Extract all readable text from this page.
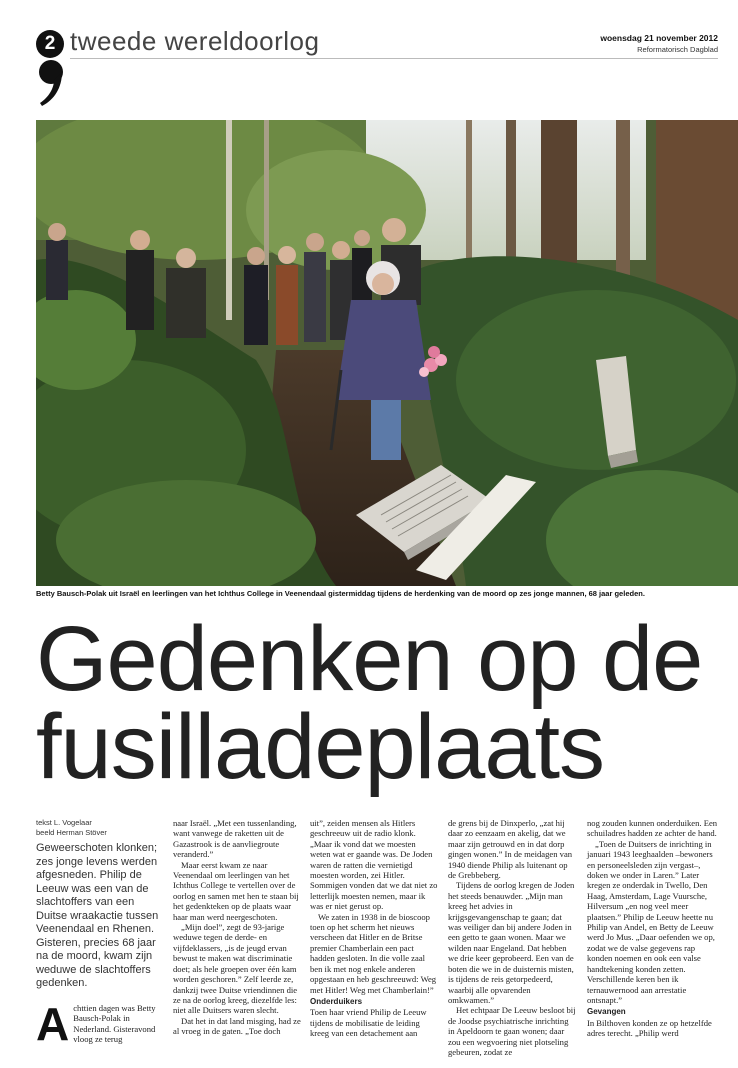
2 tweede wereldoorlog	woensdag 21 november 2012
Reformatorisch Dagblad
Betty Bausch-Polak uit Israël en leerlingen van het Ichthus College in Veenendaal gistermiddag tijdens de herdenking van de moord op zes jonge mannen, 68 jaar geleden.
Gedenken op de
fusilladeplaats
tekst L. Vogelaar
beeld Herman Stöver
Geweerschoten klonken; zes jonge levens werden afgesneden. Philip de Leeuw was een van de slachtoffers van een Duitse wraakactie tussen Veenendaal en Rhenen. Gisteren, precies 68 jaar na de moord, kwam zijn weduwe de slachtoffers gedenken.
A chttien dagen was Betty Bausch-Polak in Nederland. Gisteravond vloog ze terug

naar Israël. „Met een tussenlanding, want vanwege de raketten uit de Gazastrook is de aanvliegroute veranderd.”

Maar eerst kwam ze naar Veenendaal om leerlingen van het Ichthus College te vertellen over de oorlog en samen met hen te staan bij het gedenkteken op de plaats waar haar man werd neergeschoten.

„Mijn doel”, zegt de 93-jarige weduwe tegen de derde- en vijfdeklassers, „is de jeugd ervan bewust te maken wat discriminatie doet; als hele groepen over één kam worden geschoren.” Zelf leerde ze, dankzij twee Duitse vriendinnen die ze na de oorlog kreeg, diezelfde les: niet alle Duitsers waren slecht.

Dat het in dat land misging, had ze al vroeg in de gaten. „Toe doch

uit”, zeiden mensen als Hitlers geschreeuw uit de radio klonk. „Maar ik vond dat we moesten weten wat er gaande was. De Joden waren de ratten die vernietigd moesten worden, zei Hitler. Sommigen vonden dat we dat niet zo letterlijk moesten nemen, maar ik was er niet gerust op.

We zaten in 1938 in de bioscoop toen op het scherm het nieuws verscheen dat Hitler en de Britse premier Chamberlain een pact hadden gesloten. In die volle zaal ben ik met nog enkele anderen opgestaan en heb geschreeuwd: Weg met Hitler! Weg met Chamberlain!”

Onderduikers

Toen haar vriend Philip de Leeuw tijdens de mobilisatie de leiding kreeg van een detachement aan

de grens bij de Dinxperlo, „zat hij daar zo eenzaam en akelig, dat we maar zijn getrouwd en in dat dorp gingen wonen.” In de meidagen van 1940 diende Philip als luitenant op de Grebbeberg.

Tijdens de oorlog kregen de Joden het steeds benauwder. „Mijn man kreeg het advies in krijgsgevangenschap te gaan; dat was veiliger dan bij andere Joden in een getto te gaan wonen. Maar we wilden naar Engeland. Dat hebben we drie keer geprobeerd. Een van de boten die we in de duisternis misten, is tijdens de reis getorpedeerd, waarbij alle opvarenden omkwamen.”

Het echtpaar De Leeuw besloot bij de Joodse psychiatrische inrichting in Apeldoorn te gaan wonen; daar zou een wegvoering niet plotseling gebeuren, zodat ze

nog zouden kunnen onderduiken. Een schuiladres hadden ze achter de hand.

„Toen de Duitsers de inrichting in januari 1943 leeghaalden –bewoners en personeelsleden zijn vergast–, doken we onder in Laren.” Later kregen ze onderdak in Twello, Den Haag, Amsterdam, Lage Vuursche, Hilversum „en nog veel meer plaatsen.” Philip de Leeuw heette nu Philip van Andel, en Betty de Leeuw werd Jo Mus. „Daar oefenden we op, zodat we de valse gegevens rap konden noemen en ook een valse handtekening konden zetten. Verschillende keren ben ik ternauwernood aan arrestatie ontsnapt.”

Gevangen

In Bilthoven konden ze op hetzelfde adres terecht. „Philip werd
